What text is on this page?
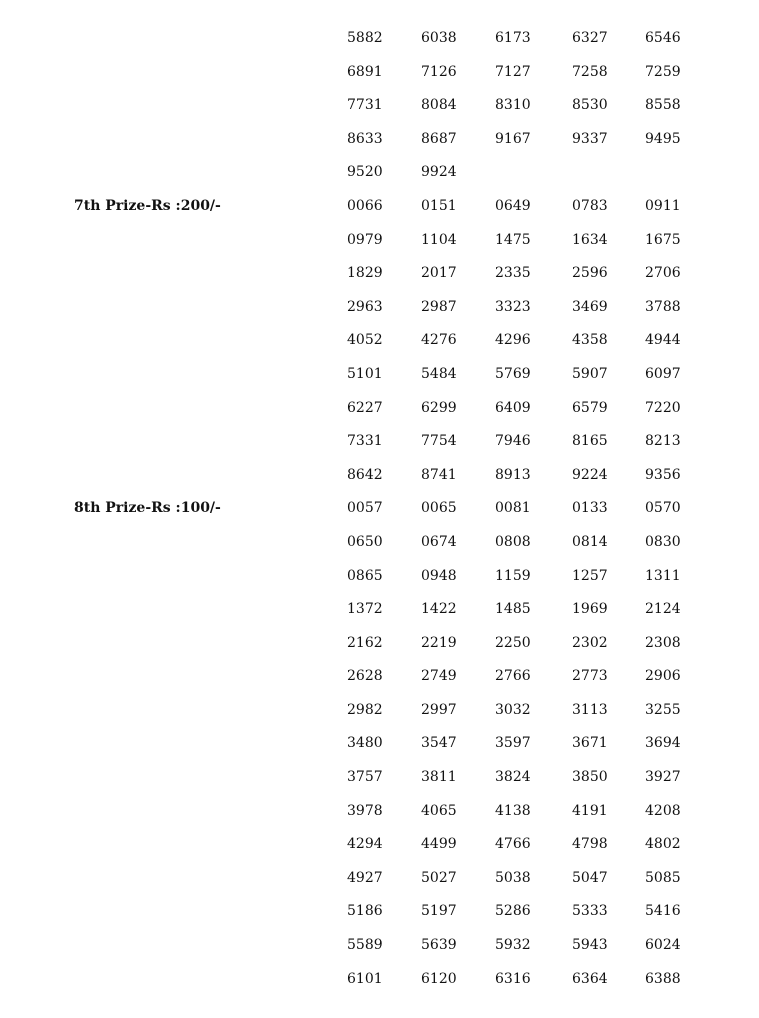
5882	6038	6173	6327	6546
6891	7126	7127	7258	7259
7731	8084	8310	8530	8558
8633	8687	9167	9337	9495
9520	9924
7th Prize-Rs :200/-	0066	0151	0649	0783	0911
0979	1104	1475	1634	1675
1829	2017	2335	2596	2706
2963	2987	3323	3469	3788
4052	4276	4296	4358	4944
5101	5484	5769	5907	6097
6227	6299	6409	6579	7220
7331	7754	7946	8165	8213
8642	8741	8913	9224	9356
8th Prize-Rs :100/-	0057	0065	0081	0133	0570
0650	0674	0808	0814	0830
0865	0948	1159	1257	1311
1372	1422	1485	1969	2124
2162	2219	2250	2302	2308
2628	2749	2766	2773	2906
2982	2997	3032	3113	3255
3480	3547	3597	3671	3694
3757	3811	3824	3850	3927
3978	4065	4138	4191	4208
4294	4499	4766	4798	4802
4927	5027	5038	5047	5085
5186	5197	5286	5333	5416
5589	5639	5932	5943	6024
6101	6120	6316	6364	6388
